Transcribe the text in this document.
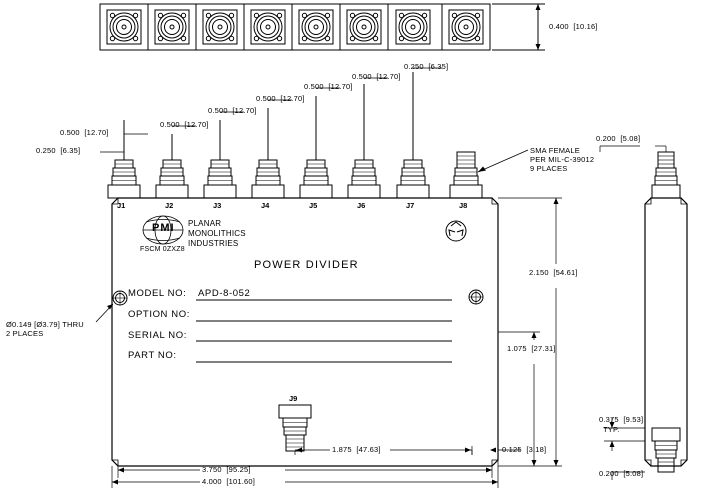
0.400  [10.16]
0.250  [6.35]
0.500  [12.70]
0.500  [12.70]
0.500  [12.70]
0.500  [12.70]
0.500  [12.70]
0.500  [12.70]
0.250  [6.35]
0.200  [5.08]
SMA FEMALE
PER MIL-C-39012
9 PLACES
Ø0.149 [Ø3.79] THRU
2 PLACES
J1	J2	J3	J4	J5	J6	J7	J8
J9
PMI PLANAR
MONOLITHICS
INDUSTRIES
FSCM 0ZXZ8
POWER DIVIDER
MODEL NO: APD-8-052
OPTION NO:
SERIAL NO:
PART NO:
2.150  [54.61]
1.075  [27.31]
1.875  [47.63]	0.125  [3.18]
3.750  [95.25]
4.000  [101.60]
0.375  [9.53]
TYP.
0.200  [5.08]
